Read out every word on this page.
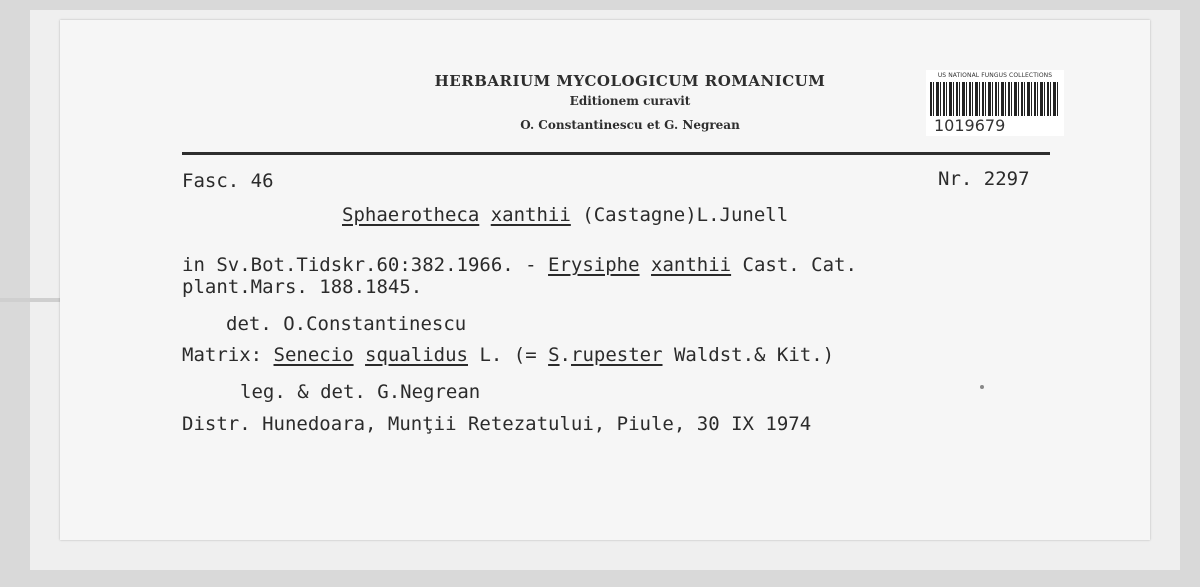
HERBARIUM MYCOLOGICUM ROMANICUM
Editionem curavit
O. Constantinescu et G. Negrean
US NATIONAL FUNGUS COLLECTIONS
1019679
Fasc. 46	Nr. 2297
Sphaerotheca xanthii (Castagne)L.Junell
in Sv.Bot.Tidskr.60:382.1966. - Erysiphe xanthii Cast. Cat.
plant.Mars. 188.1845.
det. O.Constantinescu
Matrix: Senecio squalidus L. (= S.rupester Waldst.& Kit.)
leg. & det. G.Negrean
Distr. Hunedoara, Munţii Retezatului, Piule, 30 IX 1974
